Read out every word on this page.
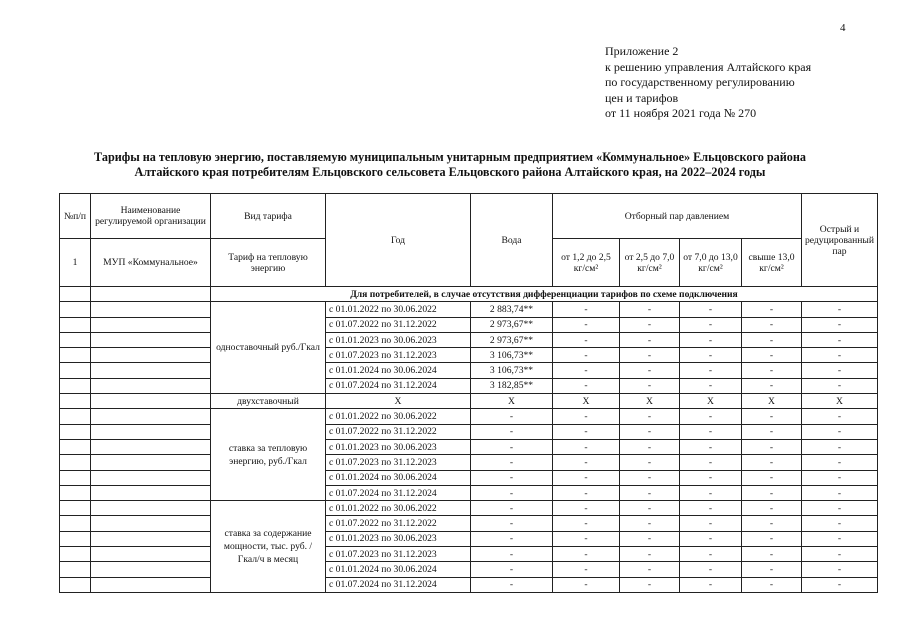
4
Приложение 2
к решению управления Алтайского края
по государственному регулированию
цен и тарифов
от 11 ноября 2021 года № 270
Тарифы на тепловую энергию, поставляемую муниципальным унитарным предприятием «Коммунальное» Ельцовского района
Алтайского края потребителям Ельцовского сельсовета Ельцовского района Алтайского края, на 2022–2024 годы
№п/п	Наименование регулируемой организации	Вид тарифа	Год	Вода	Отборный пар давлением				Острый и редуцированный пар
1	МУП «Коммунальное»	Тариф на тепловую энергию			от 1,2 до 2,5 кг/см²	от 2,5 до 7,0 кг/см²	от 7,0 до 13,0 кг/см²	свыше 13,0 кг/см²	
		Для потребителей, в случае отсутствия дифференциации тарифов по схеме подключения							
		одноставочный руб./Гкал	с 01.01.2022 по 30.06.2022	2 883,74**	-	-	-	-	-
			с 01.07.2022 по 31.12.2022	2 973,67**	-	-	-	-	-
			с 01.01.2023 по 30.06.2023	2 973,67**	-	-	-	-	-
			с 01.07.2023 по 31.12.2023	3 106,73**	-	-	-	-	-
			с 01.01.2024 по 30.06.2024	3 106,73**	-	-	-	-	-
			с 01.07.2024 по 31.12.2024	3 182,85**	-	-	-	-	-
		двухставочный	X	X	X	X	X	X	X
		ставка за тепловую энергию, руб./Гкал	с 01.01.2022 по 30.06.2022	-	-	-	-	-	-
			с 01.07.2022 по 31.12.2022	-	-	-	-	-	-
			с 01.01.2023 по 30.06.2023	-	-	-	-	-	-
			с 01.07.2023 по 31.12.2023	-	-	-	-	-	-
			с 01.01.2024 по 30.06.2024	-	-	-	-	-	-
			с 01.07.2024 по 31.12.2024	-	-	-	-	-	-
		ставка за содержание мощности, тыс. руб. /Гкал/ч в месяц	с 01.01.2022 по 30.06.2022	-	-	-	-	-	-
			с 01.07.2022 по 31.12.2022	-	-	-	-	-	-
			с 01.01.2023 по 30.06.2023	-	-	-	-	-	-
			с 01.07.2023 по 31.12.2023	-	-	-	-	-	-
			с 01.01.2024 по 30.06.2024	-	-	-	-	-	-
			с 01.07.2024 по 31.12.2024	-	-	-	-	-	-
